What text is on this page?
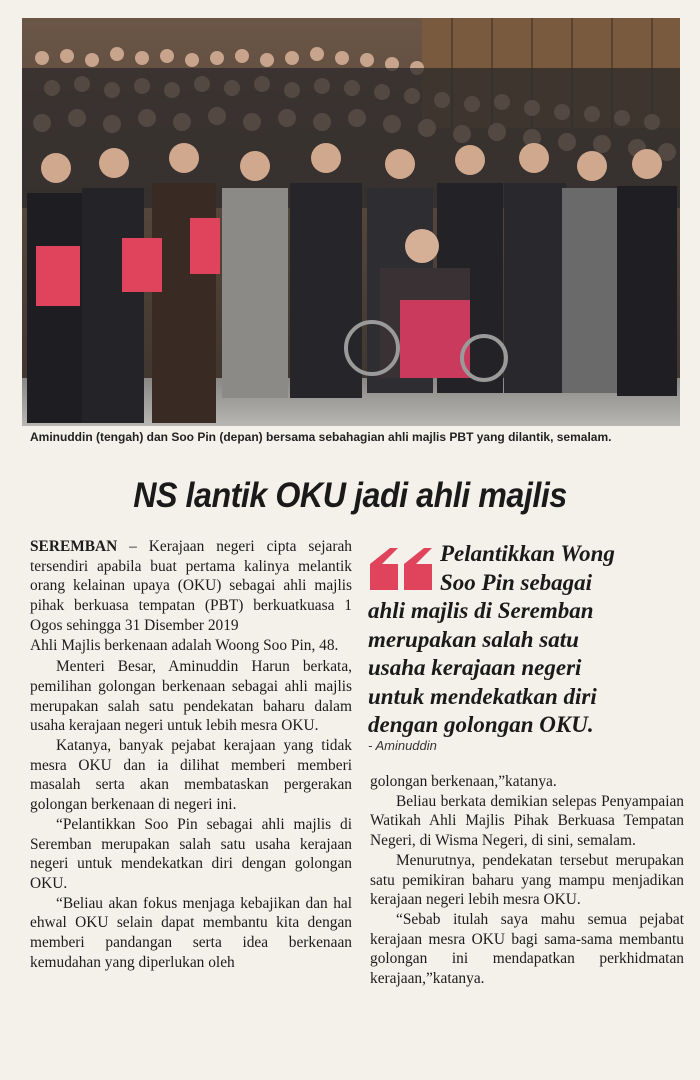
Aminuddin (tengah) dan Soo Pin (depan) bersama sebahagian ahli majlis PBT yang dilantik, semalam.
NS lantik OKU jadi ahli majlis

SEREMBAN – Kerajaan negeri cipta sejarah tersendiri apabila buat pertama kalinya melantik orang kelainan upaya (OKU) sebagai ahli majlis pihak berkuasa tempatan (PBT) berkuatkuasa 1 Ogos sehingga 31 Disember 2019

Ahli Majlis berkenaan adalah Woong Soo Pin, 48.

Menteri Besar, Aminuddin Harun berkata, pemilihan golongan berkenaan sebagai ahli majlis merupakan salah satu pendekatan baharu dalam usaha kerajaan negeri untuk lebih mesra OKU.

Katanya, banyak pejabat kerajaan yang tidak mesra OKU dan ia dilihat memberi memberi masalah serta akan membataskan pergerakan golongan berkenaan di negeri ini.

“Pelantikkan Soo Pin sebagai ahli majlis di Seremban merupakan salah satu usaha kerajaan negeri untuk mendekatkan diri dengan golongan OKU.

“Beliau akan fokus menjaga kebajikan dan hal ehwal OKU selain dapat membantu kita dengan memberi pandangan serta idea berkenaan kemudahan yang diperlukan oleh

Pelantikkan Wong
Soo Pin sebagai
ahli majlis di Seremban
merupakan salah satu
usaha kerajaan negeri
untuk mendekatkan diri
dengan golongan OKU.
- Aminuddin

golongan berkenaan,”katanya.

Beliau berkata demikian selepas Penyampaian Watikah Ahli Majlis Pihak Berkuasa Tempatan Negeri, di Wisma Negeri, di sini, semalam.

Menurutnya, pendekatan tersebut merupakan satu pemikiran baharu yang mampu menjadikan kerajaan negeri lebih mesra OKU.

“Sebab itulah saya mahu semua pejabat kerajaan mesra OKU bagi sama-sama membantu golongan ini mendapatkan perkhidmatan kerajaan,”katanya.
